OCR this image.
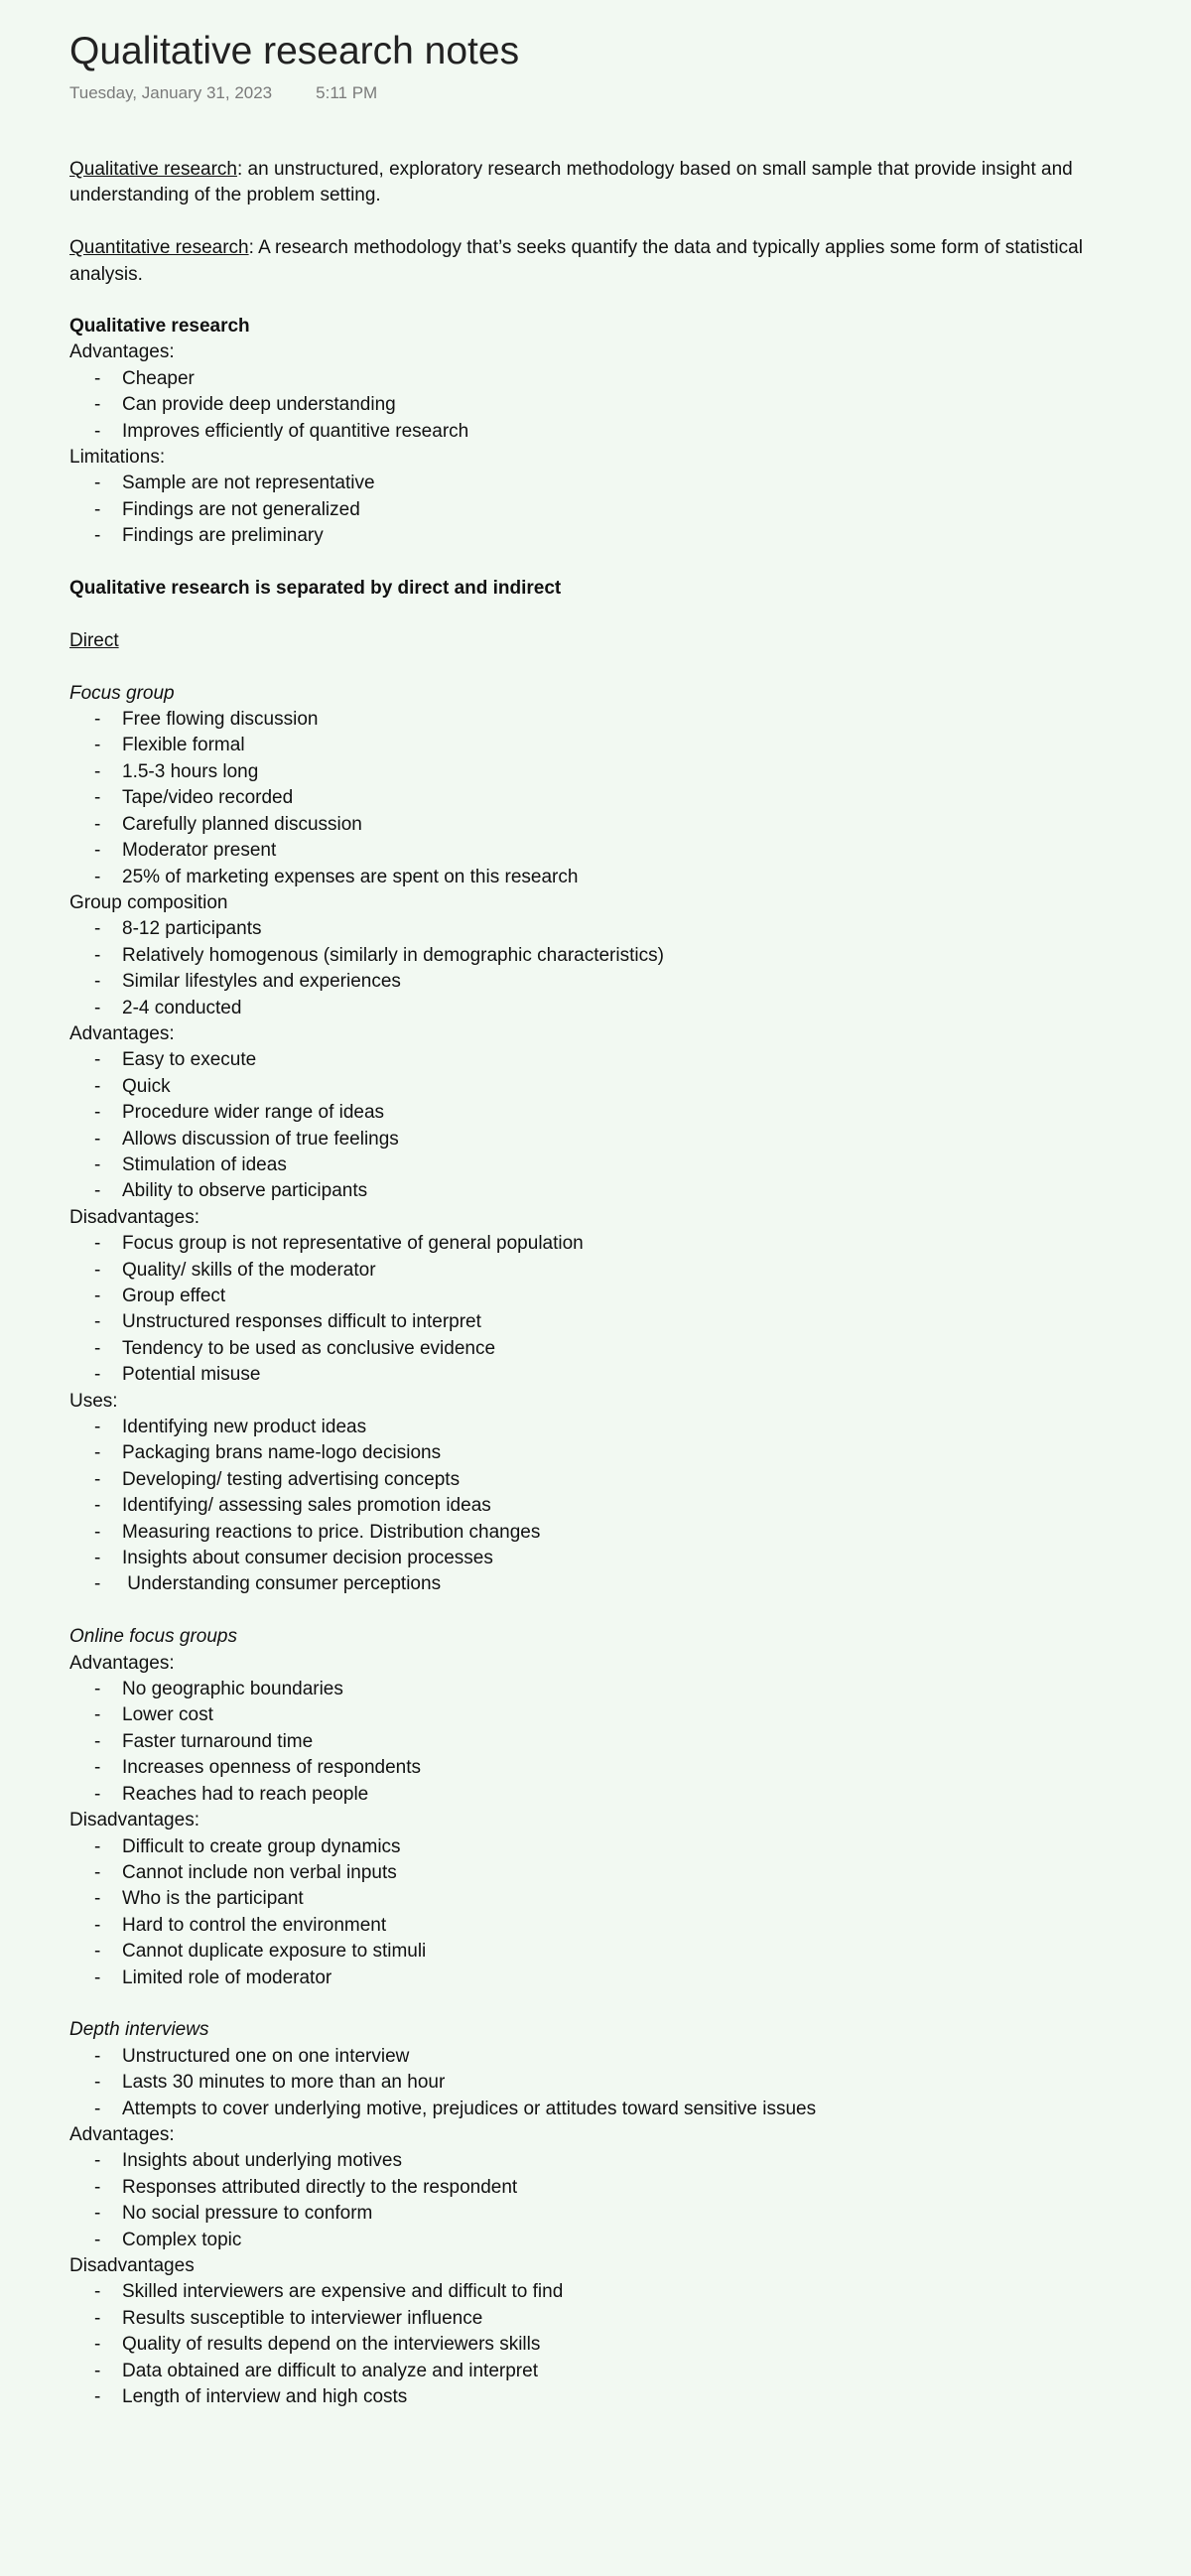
Qualitative research notes
Tuesday, January 31, 2023	5:11 PM
Qualitative research: an unstructured, exploratory research methodology based on small sample that provide insight and understanding of the problem setting.
Quantitative research: A research methodology that’s seeks quantify the data and typically applies some form of statistical analysis.
Qualitative research
Advantages:
- Cheaper
- Can provide deep understanding
- Improves efficiently of quantitive research
Limitations:
- Sample are not representative
- Findings are not generalized
- Findings are preliminary
Qualitative research is separated by direct and indirect
Direct
Focus group
- Free flowing discussion
- Flexible formal
- 1.5-3 hours long
- Tape/video recorded
- Carefully planned discussion
- Moderator present
- 25% of marketing expenses are spent on this research
Group composition
- 8-12 participants
- Relatively homogenous (similarly in demographic characteristics)
- Similar lifestyles and experiences
- 2-4 conducted
Advantages:
- Easy to execute
- Quick
- Procedure wider range of ideas
- Allows discussion of true feelings
- Stimulation of ideas
- Ability to observe participants
Disadvantages:
- Focus group is not representative of general population
- Quality/ skills of the moderator
- Group effect
- Unstructured responses difficult to interpret
- Tendency to be used as conclusive evidence
- Potential misuse
Uses:
- Identifying new product ideas
- Packaging brans name-logo decisions
- Developing/ testing advertising concepts
- Identifying/ assessing sales promotion ideas
- Measuring reactions to price. Distribution changes
- Insights about consumer decision processes
- Understanding consumer perceptions
Online focus groups
Advantages:
- No geographic boundaries
- Lower cost
- Faster turnaround time
- Increases openness of respondents
- Reaches had to reach people
Disadvantages:
- Difficult to create group dynamics
- Cannot include non verbal inputs
- Who is the participant
- Hard to control the environment
- Cannot duplicate exposure to stimuli
- Limited role of moderator
Depth interviews
- Unstructured one on one interview
- Lasts 30 minutes to more than an hour
- Attempts to cover underlying motive, prejudices or attitudes toward sensitive issues
Advantages:
- Insights about underlying motives
- Responses attributed directly to the respondent
- No social pressure to conform
- Complex topic
Disadvantages
- Skilled interviewers are expensive and difficult to find
- Results susceptible to interviewer influence
- Quality of results depend on the interviewers skills
- Data obtained are difficult to analyze and interpret
- Length of interview and high costs
